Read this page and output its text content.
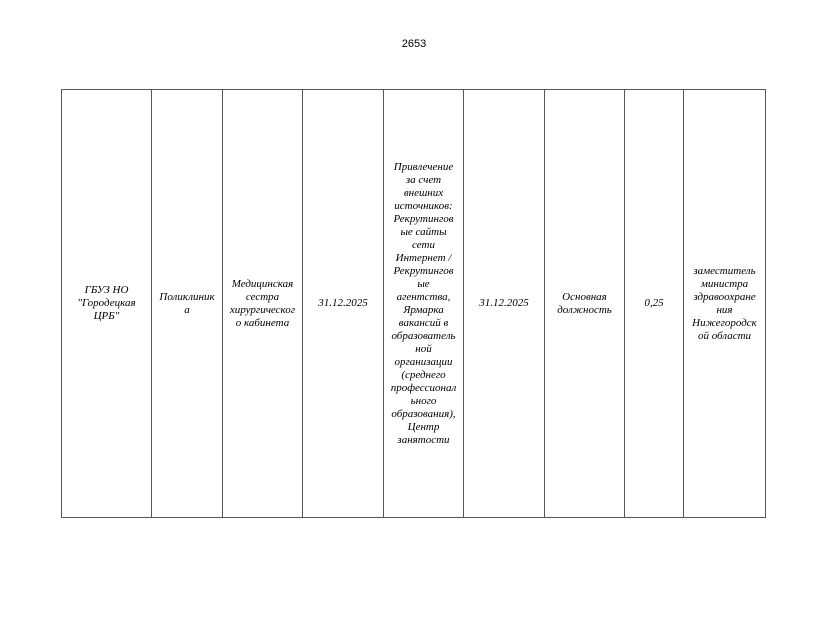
2653
ГБУЗ НО
"Городецкая
ЦРБ"

Поликлиник
а

Медицинская
сестра
хирургическог
о кабинета

31.12.2025

Привлечение
за счет
внешних
источников:
Рекрутингов
ые сайты
сети
Интернет /
Рекрутингов
ые
агентства,
Ярмарка
вакансий в
образователь
ной
организации
(среднего
профессионал
ьного
образования),
Центр
занятости

31.12.2025

Основная
должность

0,25

заместитель
министра
здравоохране
ния
Нижегородск
ой области
